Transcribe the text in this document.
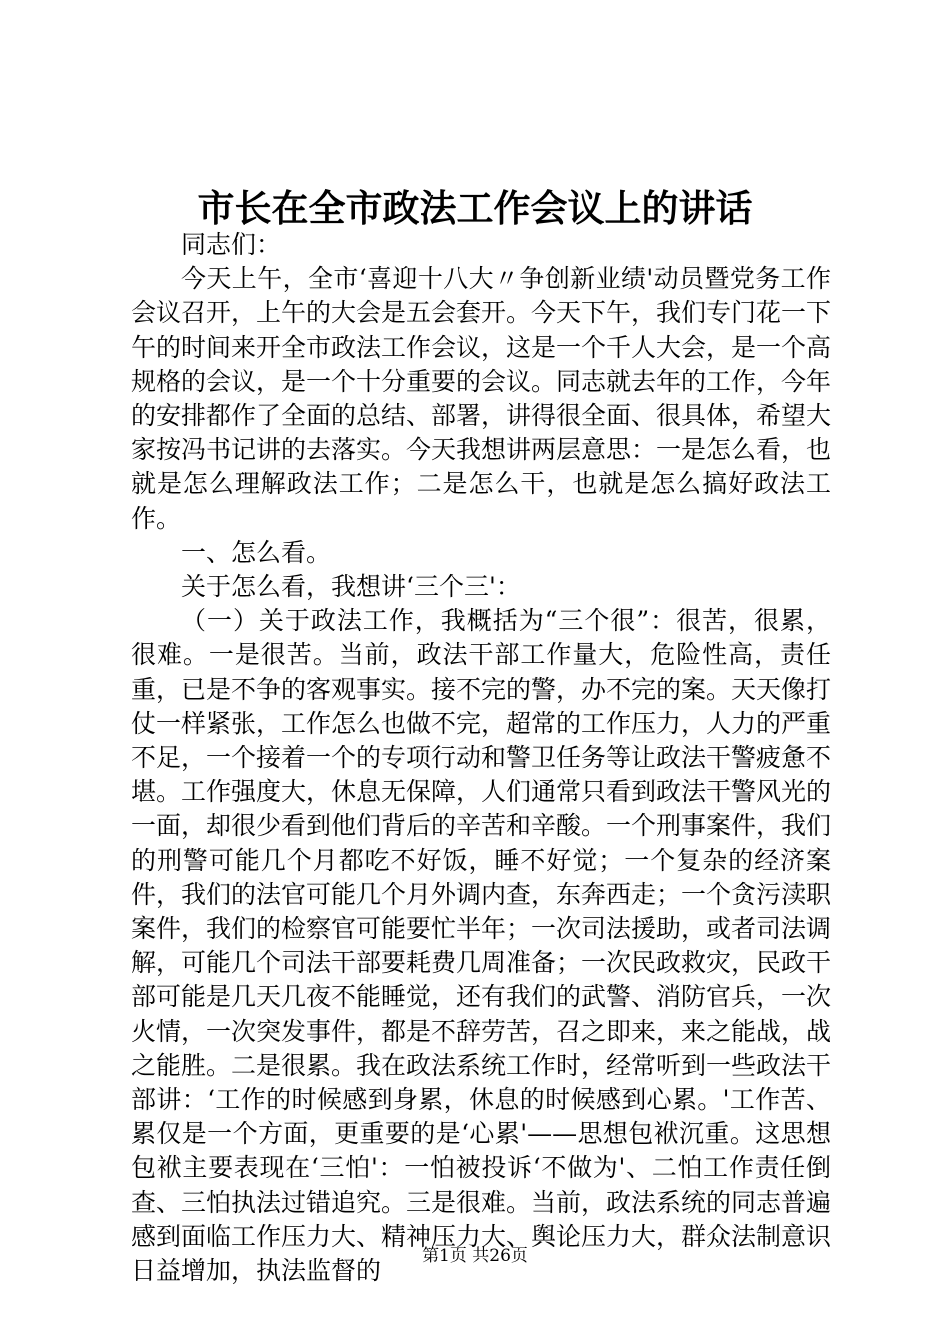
市长在全市政法工作会议上的讲话

同志们：

今天上午，全市‘喜迎十八大〃争创新业绩'动员暨党务工作会议召开，上午的大会是五会套开。今天下午，我们专门花一下午的时间来开全市政法工作会议，这是一个千人大会，是一个高规格的会议，是一个十分重要的会议。同志就去年的工作，今年的安排都作了全面的总结、部署，讲得很全面、很具体，希望大家按冯书记讲的去落实。今天我想讲两层意思：一是怎么看，也就是怎么理解政法工作；二是怎么干，也就是怎么搞好政法工作。

一、怎么看。

关于怎么看，我想讲‘三个三'：

（一）关于政法工作，我概括为“三个很”：很苦，很累，很难。一是很苦。当前，政法干部工作量大，危险性高，责任重，已是不争的客观事实。接不完的警，办不完的案。天天像打仗一样紧张，工作怎么也做不完，超常的工作压力，人力的严重不足，一个接着一个的专项行动和警卫任务等让政法干警疲惫不堪。工作强度大，休息无保障，人们通常只看到政法干警风光的一面，却很少看到他们背后的辛苦和辛酸。一个刑事案件，我们的刑警可能几个月都吃不好饭，睡不好觉；一个复杂的经济案件，我们的法官可能几个月外调内查，东奔西走；一个贪污渎职案件，我们的检察官可能要忙半年；一次司法援助，或者司法调解，可能几个司法干部要耗费几周准备；一次民政救灾，民政干部可能是几天几夜不能睡觉，还有我们的武警、消防官兵，一次火情，一次突发事件，都是不辞劳苦，召之即来，来之能战，战之能胜。二是很累。我在政法系统工作时，经常听到一些政法干部讲：‘工作的时候感到身累，休息的时候感到心累。'工作苦、累仅是一个方面，更重要的是‘心累'——思想包袱沉重。这思想包袱主要表现在‘三怕'：一怕被投诉‘不做为'、二怕工作责任倒查、三怕执法过错追究。三是很难。当前，政法系统的同志普遍感到面临工作压力大、精神压力大、舆论压力大，群众法制意识日益增加，执法监督的

第1页 共26页
